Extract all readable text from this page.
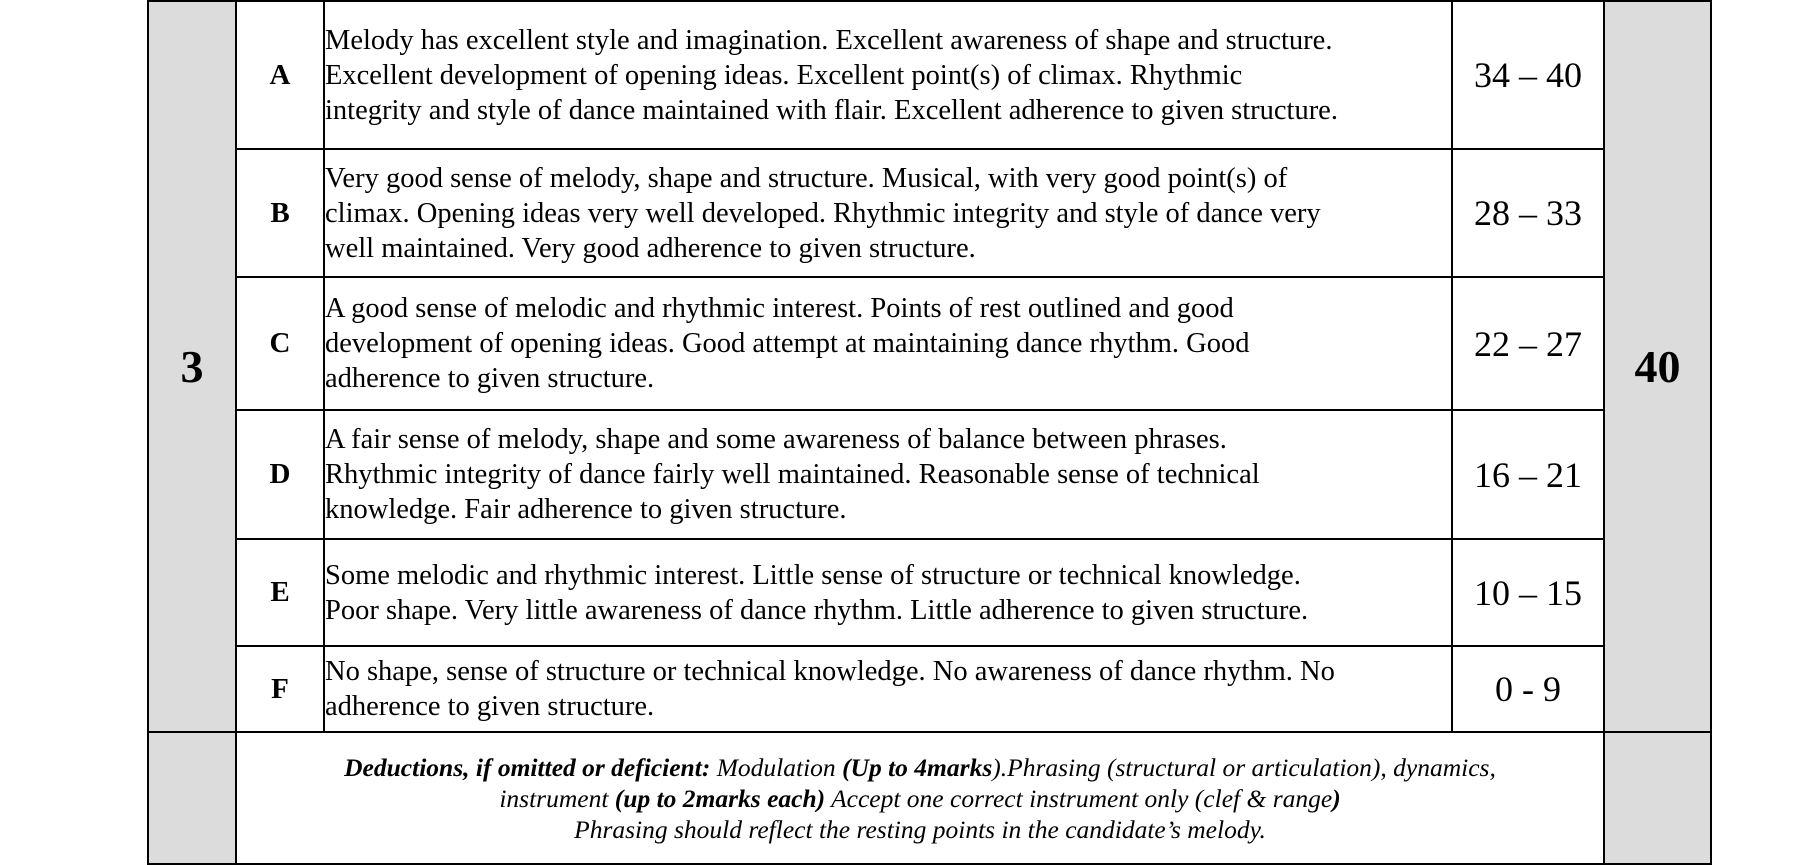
3	A	Melody has excellent style and imagination. Excellent awareness of shape and structure.
Excellent development of opening ideas. Excellent point(s) of climax. Rhythmic
integrity and style of dance maintained with flair. Excellent adherence to given structure.	34 – 40	40
	B	Very good sense of melody, shape and structure. Musical, with very good point(s) of
climax. Opening ideas very well developed. Rhythmic integrity and style of dance very
well maintained. Very good adherence to given structure.	28 – 33	
	C	A good sense of melodic and rhythmic interest. Points of rest outlined and good
development of opening ideas. Good attempt at maintaining dance rhythm. Good
adherence to given structure.	22 – 27	
	D	A fair sense of melody, shape and some awareness of balance between phrases.
Rhythmic integrity of dance fairly well maintained. Reasonable sense of technical
knowledge. Fair adherence to given structure.	16 – 21	
	E	Some melodic and rhythmic interest. Little sense of structure or technical knowledge.
Poor shape. Very little awareness of dance rhythm. Little adherence to given structure.	10 – 15	
	F	No shape, sense of structure or technical knowledge. No awareness of dance rhythm. No
adherence to given structure.	0 - 9	

	Deductions, if omitted or deficient: Modulation (Up to 4marks).Phrasing (structural or articulation), dynamics,
instrument (up to 2marks each) Accept one correct instrument only (clef & range)
Phrasing should reflect the resting points in the candidate’s melody.			
